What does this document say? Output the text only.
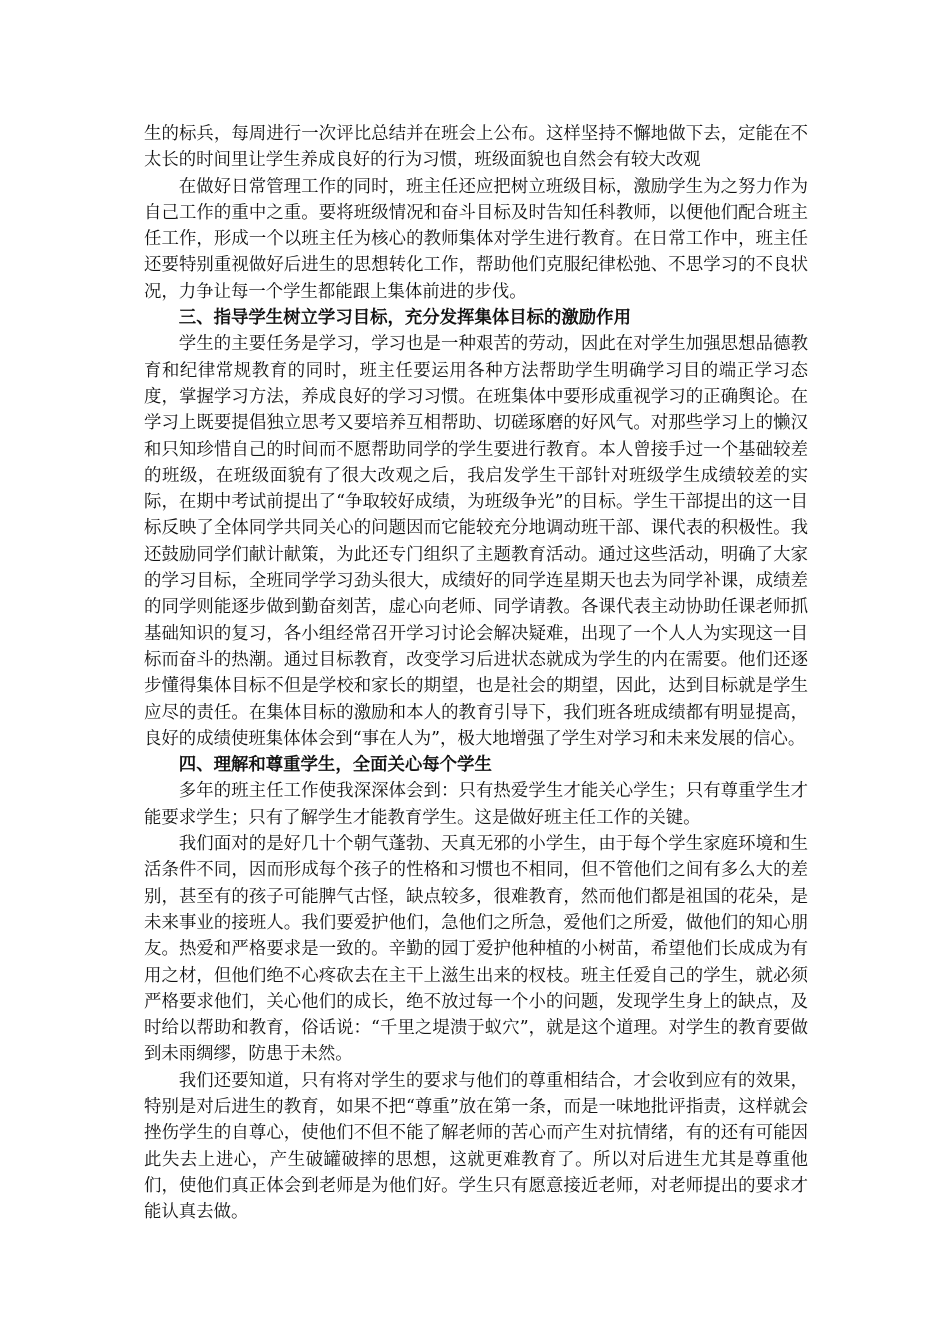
生的标兵，每周进行一次评比总结并在班会上公布。这样坚持不懈地做下去，定能在不太长的时间里让学生养成良好的行为习惯，班级面貌也自然会有较大改观

在做好日常管理工作的同时，班主任还应把树立班级目标，激励学生为之努力作为自己工作的重中之重。要将班级情况和奋斗目标及时告知任科教师，以便他们配合班主任工作，形成一个以班主任为核心的教师集体对学生进行教育。在日常工作中，班主任还要特别重视做好后进生的思想转化工作，帮助他们克服纪律松弛、不思学习的不良状况，力争让每一个学生都能跟上集体前进的步伐。

三、指导学生树立学习目标，充分发挥集体目标的激励作用

学生的主要任务是学习，学习也是一种艰苦的劳动，因此在对学生加强思想品德教育和纪律常规教育的同时，班主任要运用各种方法帮助学生明确学习目的端正学习态度，掌握学习方法，养成良好的学习习惯。在班集体中要形成重视学习的正确舆论。在学习上既要提倡独立思考又要培养互相帮助、切磋琢磨的好风气。对那些学习上的懒汉和只知珍惜自己的时间而不愿帮助同学的学生要进行教育。本人曾接手过一个基础较差的班级，在班级面貌有了很大改观之后，我启发学生干部针对班级学生成绩较差的实际，在期中考试前提出了“争取较好成绩，为班级争光”的目标。学生干部提出的这一目标反映了全体同学共同关心的问题因而它能较充分地调动班干部、课代表的积极性。我还鼓励同学们献计献策，为此还专门组织了主题教育活动。通过这些活动，明确了大家的学习目标，全班同学学习劲头很大，成绩好的同学连星期天也去为同学补课，成绩差的同学则能逐步做到勤奋刻苦，虚心向老师、同学请教。各课代表主动协助任课老师抓基础知识的复习，各小组经常召开学习讨论会解决疑难，出现了一个人人为实现这一目标而奋斗的热潮。通过目标教育，改变学习后进状态就成为学生的内在需要。他们还逐步懂得集体目标不但是学校和家长的期望，也是社会的期望，因此，达到目标就是学生应尽的责任。在集体目标的激励和本人的教育引导下，我们班各班成绩都有明显提高，良好的成绩使班集体体会到“事在人为”，极大地增强了学生对学习和未来发展的信心。

四、理解和尊重学生，全面关心每个学生

多年的班主任工作使我深深体会到：只有热爱学生才能关心学生；只有尊重学生才能要求学生；只有了解学生才能教育学生。这是做好班主任工作的关键。

我们面对的是好几十个朝气蓬勃、天真无邪的小学生，由于每个学生家庭环境和生活条件不同，因而形成每个孩子的性格和习惯也不相同，但不管他们之间有多么大的差别，甚至有的孩子可能脾气古怪，缺点较多，很难教育，然而他们都是祖国的花朵，是未来事业的接班人。我们要爱护他们，急他们之所急，爱他们之所爱，做他们的知心朋友。热爱和严格要求是一致的。辛勤的园丁爱护他种植的小树苗，希望他们长成成为有用之材，但他们绝不心疼砍去在主干上滋生出来的杈枝。班主任爱自己的学生，就必须严格要求他们，关心他们的成长，绝不放过每一个小的问题，发现学生身上的缺点，及时给以帮助和教育，俗话说：“千里之堤溃于蚁穴”，就是这个道理。对学生的教育要做到未雨绸缪，防患于未然。

我们还要知道，只有将对学生的要求与他们的尊重相结合，才会收到应有的效果，特别是对后进生的教育，如果不把“尊重”放在第一条，而是一味地批评指责，这样就会挫伤学生的自尊心，使他们不但不能了解老师的苦心而产生对抗情绪，有的还有可能因此失去上进心，产生破罐破摔的思想，这就更难教育了。所以对后进生尤其是尊重他们，使他们真正体会到老师是为他们好。学生只有愿意接近老师，对老师提出的要求才能认真去做。
